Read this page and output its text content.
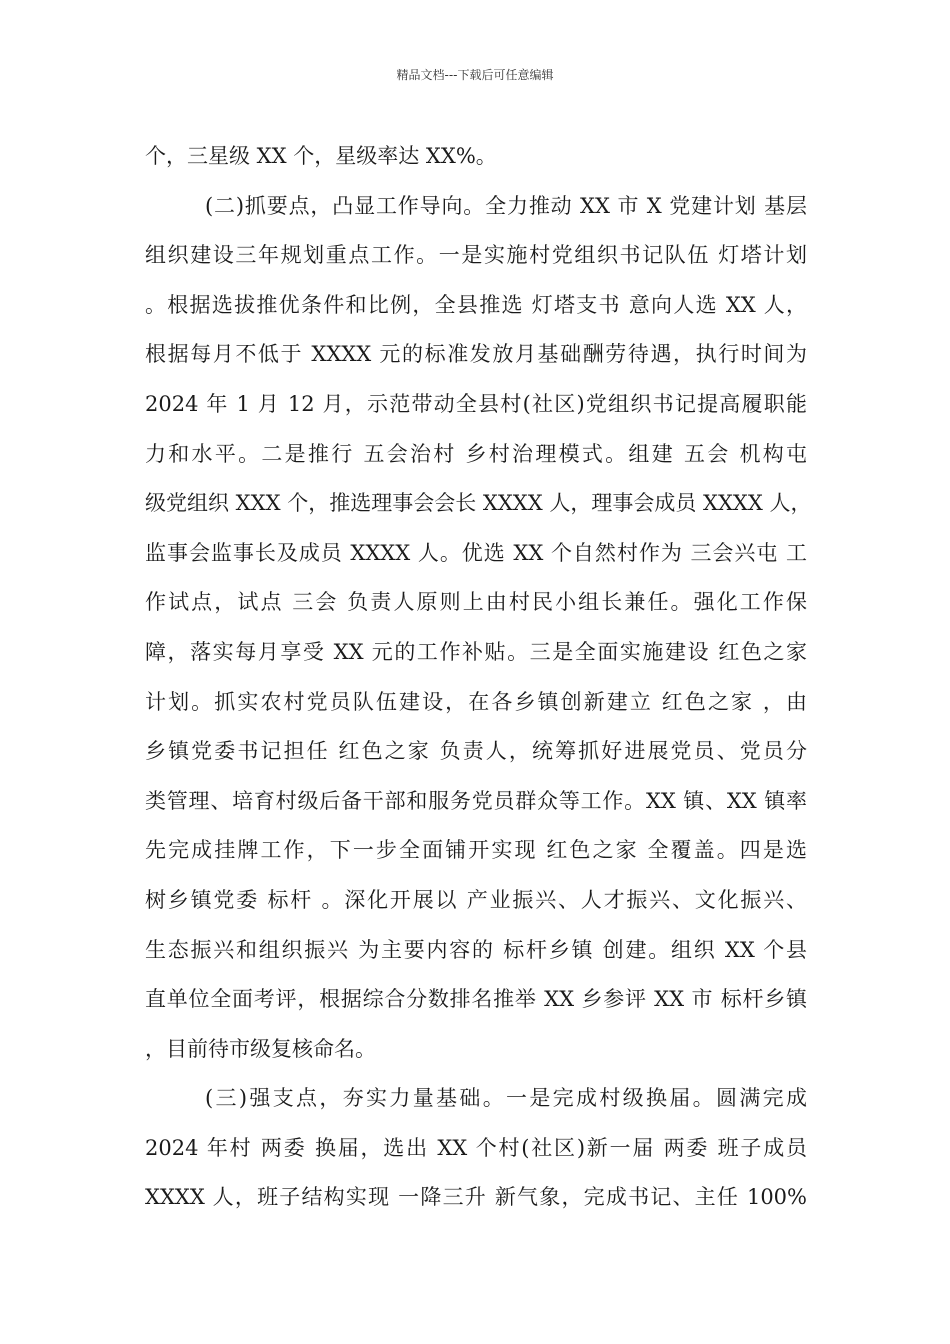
精品文档---下载后可任意编辑
个，三星级 XX 个，星级率达 XX%。
(二)抓要点，凸显工作导向。全力推动 XX 市 X 党建计划 基层
组织建设三年规划重点工作。一是实施村党组织书记队伍 灯塔计划
。根据选拔推优条件和比例，全县推选 灯塔支书 意向人选 XX 人，
根据每月不低于 XXXX 元的标准发放月基础酬劳待遇，执行时间为
2024 年 1 月 12 月，示范带动全县村(社区)党组织书记提高履职能
力和水平。二是推行 五会治村 乡村治理模式。组建 五会 机构屯
级党组织 XXX 个，推选理事会会长 XXXX 人，理事会成员 XXXX 人，
监事会监事长及成员 XXXX 人。优选 XX 个自然村作为 三会兴屯 工
作试点，试点 三会 负责人原则上由村民小组长兼任。强化工作保
障，落实每月享受 XX 元的工作补贴。三是全面实施建设 红色之家
计划。抓实农村党员队伍建设，在各乡镇创新建立 红色之家 ，由
乡镇党委书记担任 红色之家 负责人，统筹抓好进展党员、党员分
类管理、培育村级后备干部和服务党员群众等工作。XX 镇、XX 镇率
先完成挂牌工作，下一步全面铺开实现 红色之家 全覆盖。四是选
树乡镇党委 标杆 。深化开展以 产业振兴、人才振兴、文化振兴、
生态振兴和组织振兴 为主要内容的 标杆乡镇 创建。组织 XX 个县
直单位全面考评，根据综合分数排名推举 XX 乡参评 XX 市 标杆乡镇
，目前待市级复核命名。
(三)强支点，夯实力量基础。一是完成村级换届。圆满完成
2024 年村 两委 换届，选出 XX 个村(社区)新一届 两委 班子成员
XXXX 人，班子结构实现 一降三升 新气象，完成书记、主任 100%
